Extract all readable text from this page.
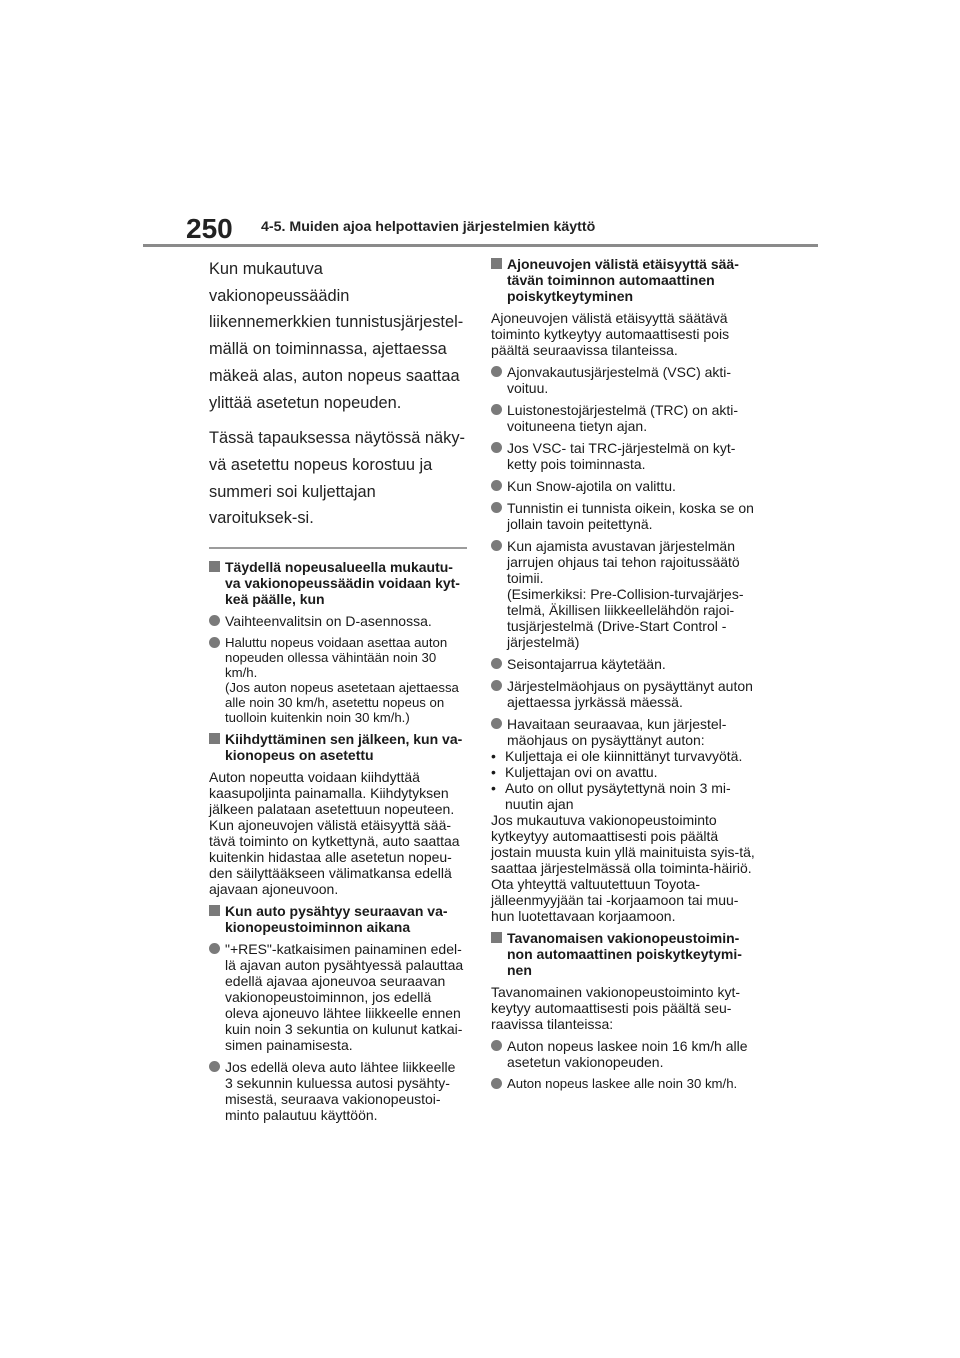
250 4-5. Muiden ajoa helpottavien järjestelmien käyttö

Kun mukautuva vakionopeussäädin liikennemerkkien tunnistusjärjestel-mällä on toiminnassa, ajettaessa mäkeä alas, auton nopeus saattaa ylittää asetetun nopeuden.

Tässä tapauksessa näytössä näky-vä asetettu nopeus korostuu ja summeri soi kuljettajan varoituksek-si.

Täydellä nopeusalueella mukautu-va vakionopeussäädin voidaan kyt-keä päälle, kun
Vaihteenvalitsin on D-asennossa.
Haluttu nopeus voidaan asettaa auton nopeuden ollessa vähintään noin 30 km/h.
(Jos auton nopeus asetetaan ajettaessa alle noin 30 km/h, asetettu nopeus on tuolloin kuitenkin noin 30 km/h.)
Kiihdyttäminen sen jälkeen, kun va-kionopeus on asetettu

Auton nopeutta voidaan kiihdyttää kaasupoljinta painamalla. Kiihdytyksen jälkeen palataan asetettuun nopeuteen. Kun ajoneuvojen välistä etäisyyttä sää-tävä toiminto on kytkettynä, auto saattaa kuitenkin hidastaa alle asetetun nopeu-den säilyttääkseen välimatkansa edellä ajavaan ajoneuvoon.

Kun auto pysähtyy seuraavan va-kionopeustoiminnon aikana
"+RES"-katkaisimen painaminen edel-lä ajavan auton pysähtyessä palauttaa edellä ajavaa ajoneuvoa seuraavan vakionopeustoiminnon, jos edellä oleva ajoneuvo lähtee liikkeelle ennen kuin noin 3 sekuntia on kulunut katkai-simen painamisesta.
Jos edellä oleva auto lähtee liikkeelle 3 sekunnin kuluessa autosi pysähty-misestä, seuraava vakionopeustoi-minto palautuu käyttöön.
Ajoneuvojen välistä etäisyyttä sää-tävän toiminnon automaattinen poiskytkeytyminen

Ajoneuvojen välistä etäisyyttä säätävä toiminto kytkeytyy automaattisesti pois päältä seuraavissa tilanteissa.

Ajonvakautusjärjestelmä (VSC) akti-voituu.
Luistonestojärjestelmä (TRC) on akti-voituneena tietyn ajan.
Jos VSC- tai TRC-järjestelmä on kyt-ketty pois toiminnasta.
Kun Snow-ajotila on valittu.
Tunnistin ei tunnista oikein, koska se on jollain tavoin peitettynä.
Kun ajamista avustavan järjestelmän jarrujen ohjaus tai tehon rajoitussäätö toimii.
(Esimerkiksi: Pre-Collision-turvajärjes-telmä, Äkillisen liikkeellelähdön rajoi-tusjärjestelmä (Drive-Start Control -järjestelmä)
Seisontajarrua käytetään.
Järjestelmäohjaus on pysäyttänyt auton ajettaessa jyrkässä mäessä.
Havaitaan seuraavaa, kun järjestel-mäohjaus on pysäyttänyt auton:
• Kuljettaja ei ole kiinnittänyt turvavyötä.
• Kuljettajan ovi on avattu.
• Auto on ollut pysäytettynä noin 3 mi-nuutin ajan

Jos mukautuva vakionopeustoiminto kytkeytyy automaattisesti pois päältä jostain muusta kuin yllä mainituista syis-tä, saattaa järjestelmässä olla toiminta-häiriö. Ota yhteyttä valtuutettuun Toyota-jälleenmyyjään tai -korjaamoon tai muu-hun luotettavaan korjaamoon.

Tavanomaisen vakionopeustoimin-non automaattinen poiskytkeytymi-nen

Tavanomainen vakionopeustoiminto kyt-keytyy automaattisesti pois päältä seu-raavissa tilanteissa:

Auton nopeus laskee noin 16 km/h alle asetetun vakionopeuden.
Auton nopeus laskee alle noin 30 km/h.
